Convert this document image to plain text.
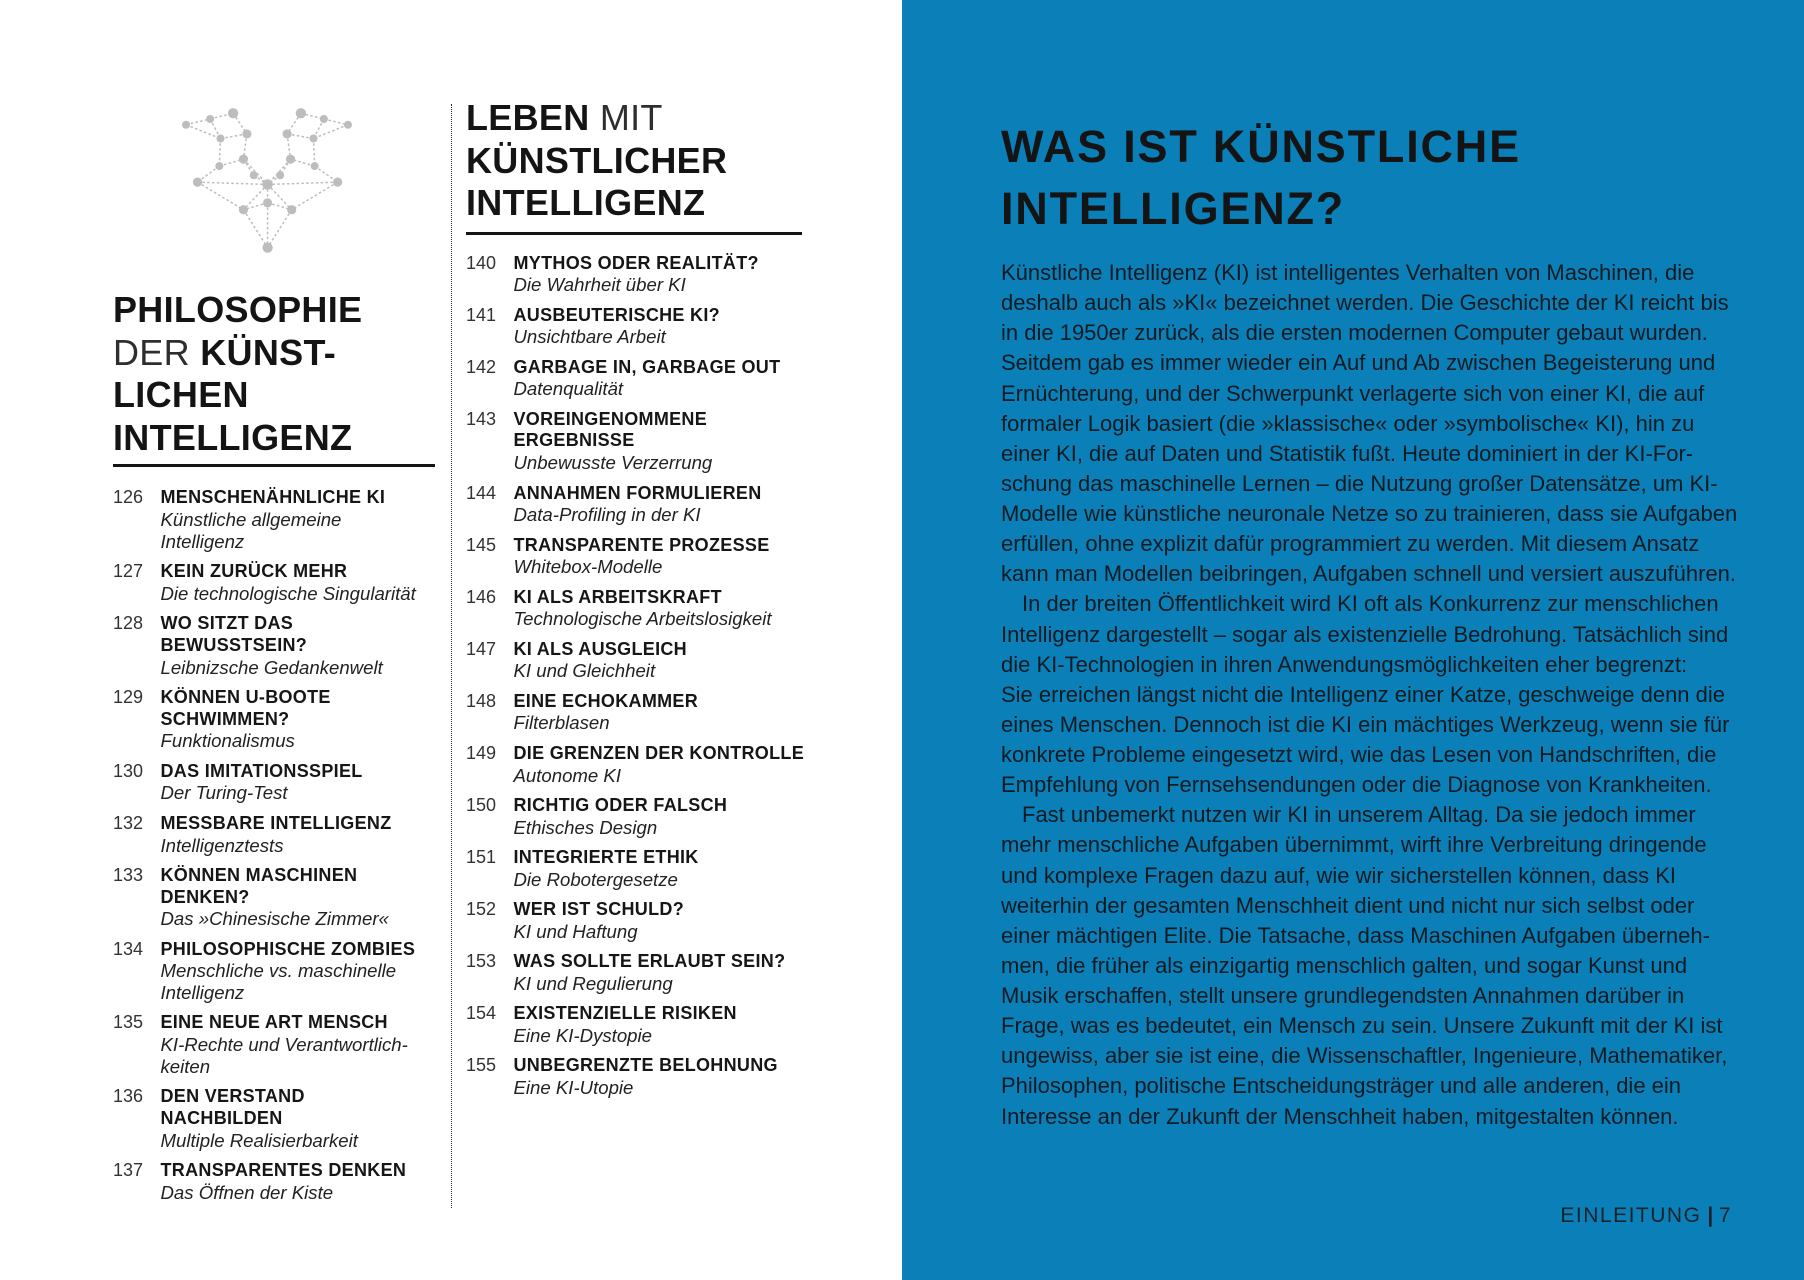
PHILOSOPHIE
DER KÜNST-
LICHEN
INTELLIGENZ
126 MENSCHENÄHNLICHE KI
Künstliche allgemeine
Intelligenz
127 KEIN ZURÜCK MEHR
Die technologische Singularität
128 WO SITZT DAS
BEWUSSTSEIN?
Leibnizsche Gedankenwelt
129 KÖNNEN U-BOOTE
SCHWIMMEN?
Funktionalismus
130 DAS IMITATIONSSPIEL
Der Turing-Test
132 MESSBARE INTELLIGENZ
Intelligenztests
133 KÖNNEN MASCHINEN
DENKEN?
Das »Chinesische Zimmer«
134 PHILOSOPHISCHE ZOMBIES
Menschliche vs. maschinelle
Intelligenz
135 EINE NEUE ART MENSCH
KI-Rechte und Verantwortlich-
keiten
136 DEN VERSTAND
NACHBILDEN
Multiple Realisierbarkeit
137 TRANSPARENTES DENKEN
Das Öffnen der Kiste
LEBEN MIT
KÜNSTLICHER
INTELLIGENZ
140 MYTHOS ODER REALITÄT?
Die Wahrheit über KI
141 AUSBEUTERISCHE KI?
Unsichtbare Arbeit
142 GARBAGE IN, GARBAGE OUT
Datenqualität
143 VOREINGENOMMENE
ERGEBNISSE
Unbewusste Verzerrung
144 ANNAHMEN FORMULIEREN
Data-Profiling in der KI
145 TRANSPARENTE PROZESSE
Whitebox-Modelle
146 KI ALS ARBEITSKRAFT
Technologische Arbeitslosigkeit
147 KI ALS AUSGLEICH
KI und Gleichheit
148 EINE ECHOKAMMER
Filterblasen
149 DIE GRENZEN DER KONTROLLE
Autonome KI
150 RICHTIG ODER FALSCH
Ethisches Design
151 INTEGRIERTE ETHIK
Die Robotergesetze
152 WER IST SCHULD?
KI und Haftung
153 WAS SOLLTE ERLAUBT SEIN?
KI und Regulierung
154 EXISTENZIELLE RISIKEN
Eine KI-Dystopie
155 UNBEGRENZTE BELOHNUNG
Eine KI-Utopie
WAS IST KÜNSTLICHE
INTELLIGENZ?
Künstliche Intelligenz (KI) ist intelligentes Verhalten von Maschinen, die
deshalb auch als »KI« bezeichnet werden. Die Geschichte der KI reicht bis
in die 1950er zurück, als die ersten modernen Computer gebaut wurden.
Seitdem gab es immer wieder ein Auf und Ab zwischen Begeisterung und
Ernüchterung, und der Schwerpunkt verlagerte sich von einer KI, die auf
formaler Logik basiert (die »klassische« oder »symbolische« KI), hin zu
einer KI, die auf Daten und Statistik fußt. Heute dominiert in der KI-For-
schung das maschinelle Lernen – die Nutzung großer Datensätze, um KI-
Modelle wie künstliche neuronale Netze so zu trainieren, dass sie Aufgaben
erfüllen, ohne explizit dafür programmiert zu werden. Mit diesem Ansatz
kann man Modellen beibringen, Aufgaben schnell und versiert auszuführen.
In der breiten Öffentlichkeit wird KI oft als Konkurrenz zur menschlichen
Intelligenz dargestellt – sogar als existenzielle Bedrohung. Tatsächlich sind
die KI-Technologien in ihren Anwendungsmöglichkeiten eher begrenzt:
Sie erreichen längst nicht die Intelligenz einer Katze, geschweige denn die
eines Menschen. Dennoch ist die KI ein mächtiges Werkzeug, wenn sie für
konkrete Probleme eingesetzt wird, wie das Lesen von Handschriften, die
Empfehlung von Fernsehsendungen oder die Diagnose von Krankheiten.
Fast unbemerkt nutzen wir KI in unserem Alltag. Da sie jedoch immer
mehr menschliche Aufgaben übernimmt, wirft ihre Verbreitung dringende
und komplexe Fragen dazu auf, wie wir sicherstellen können, dass KI
weiterhin der gesamten Menschheit dient und nicht nur sich selbst oder
einer mächtigen Elite. Die Tatsache, dass Maschinen Aufgaben überneh-
men, die früher als einzigartig menschlich galten, und sogar Kunst und
Musik erschaffen, stellt unsere grundlegendsten Annahmen darüber in
Frage, was es bedeutet, ein Mensch zu sein. Unsere Zukunft mit der KI ist
ungewiss, aber sie ist eine, die Wissenschaftler, Ingenieure, Mathematiker,
Philosophen, politische Entscheidungsträger und alle anderen, die ein
Interesse an der Zukunft der Menschheit haben, mitgestalten können.
EINLEITUNG | 7
